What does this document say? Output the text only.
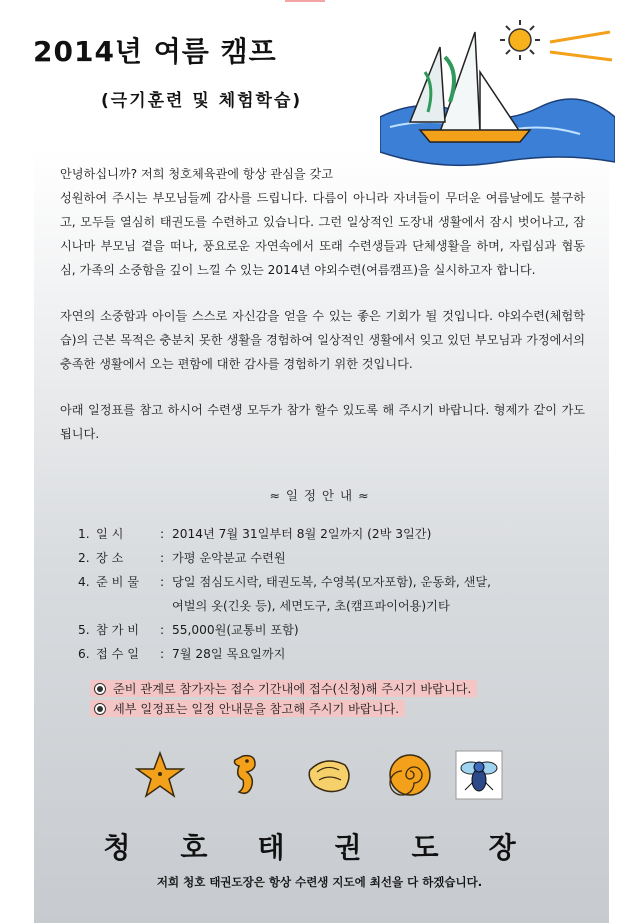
2014년 여름 캠프
(극기훈련 및 체험학습)

안녕하십니까? 저희 청호체육관에 항상 관심을 갖고
성원하여 주시는 부모님들께 감사를 드립니다. 다름이 아니라 자녀들이 무더운 여름날에도 불구하고, 모두들 열심히 태권도를 수련하고 있습니다. 그런 일상적인 도장내 생활에서 잠시 벗어나고, 잠시나마 부모님 곁을 떠나, 풍요로운 자연속에서 또래 수련생들과 단체생활을 하며, 자립심과 협동심, 가족의 소중함을 깊이 느낄 수 있는 2014년 야외수련(여름캠프)을 실시하고자 합니다.

자연의 소중함과 아이들 스스로 자신감을 얻을 수 있는 좋은 기회가 될 것입니다. 야외수련(체험학습)의 근본 목적은 충분치 못한 생활을 경험하여 일상적인 생활에서 잊고 있던 부모님과 가정에서의 충족한 생활에서 오는 편함에 대한 감사를 경험하기 위한 것입니다.

아래 일정표를 참고 하시어 수련생 모두가 참가 할수 있도록 해 주시기 바랍니다. 형제가 같이 가도 됩니다.

≈ 일 정 안 내 ≈
1. 일 시	: 2014년 7월 31일부터 8월 2일까지 (2박 3일간)
2. 장 소	: 가평 운악분교 수련원
4. 준 비 물	: 당일 점심도시락, 태권도복, 수영복(모자포함), 운동화, 샌달,
여벌의 옷(긴옷 등), 세면도구, 초(캠프파이어용)기타
5. 참 가 비	: 55,000원(교통비 포함)
6. 접 수 일	: 7월 28일 목요일까지
준비 관계로 참가자는 접수 기간내에 접수(신청)해 주시기 바랍니다.
세부 일정표는 일정 안내문을 참고해 주시기 바랍니다.
청호태권도장
저희 청호 태권도장은 항상 수련생 지도에 최선을 다 하겠습니다.
